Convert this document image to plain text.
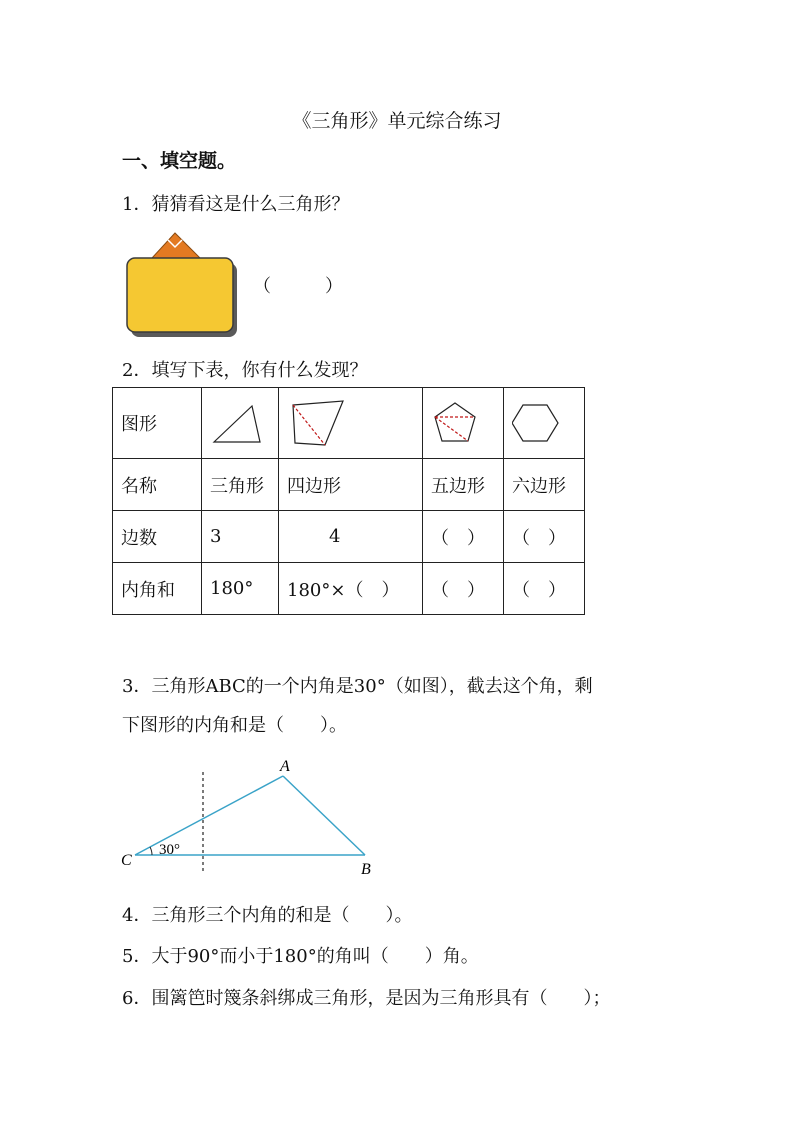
《三角形》单元综合练习
一、填空题。
1．猜猜看这是什么三角形？
（　　　）
2．填写下表，你有什么发现？
图形	

名称	三角形	四边形	五边形	六边形
边数	3	4	（　）	（　）
内角和	180°	180°×（　）	（　）	（　）
3．三角形ABC的一个内角是30°（如图），截去这个角，剩
下图形的内角和是（　　）。
A
B
C
30°
4．三角形三个内角的和是（　　）。
5．大于90°而小于180°的角叫（　　）角。
6．围篱笆时篾条斜绑成三角形，是因为三角形具有（　　）；
